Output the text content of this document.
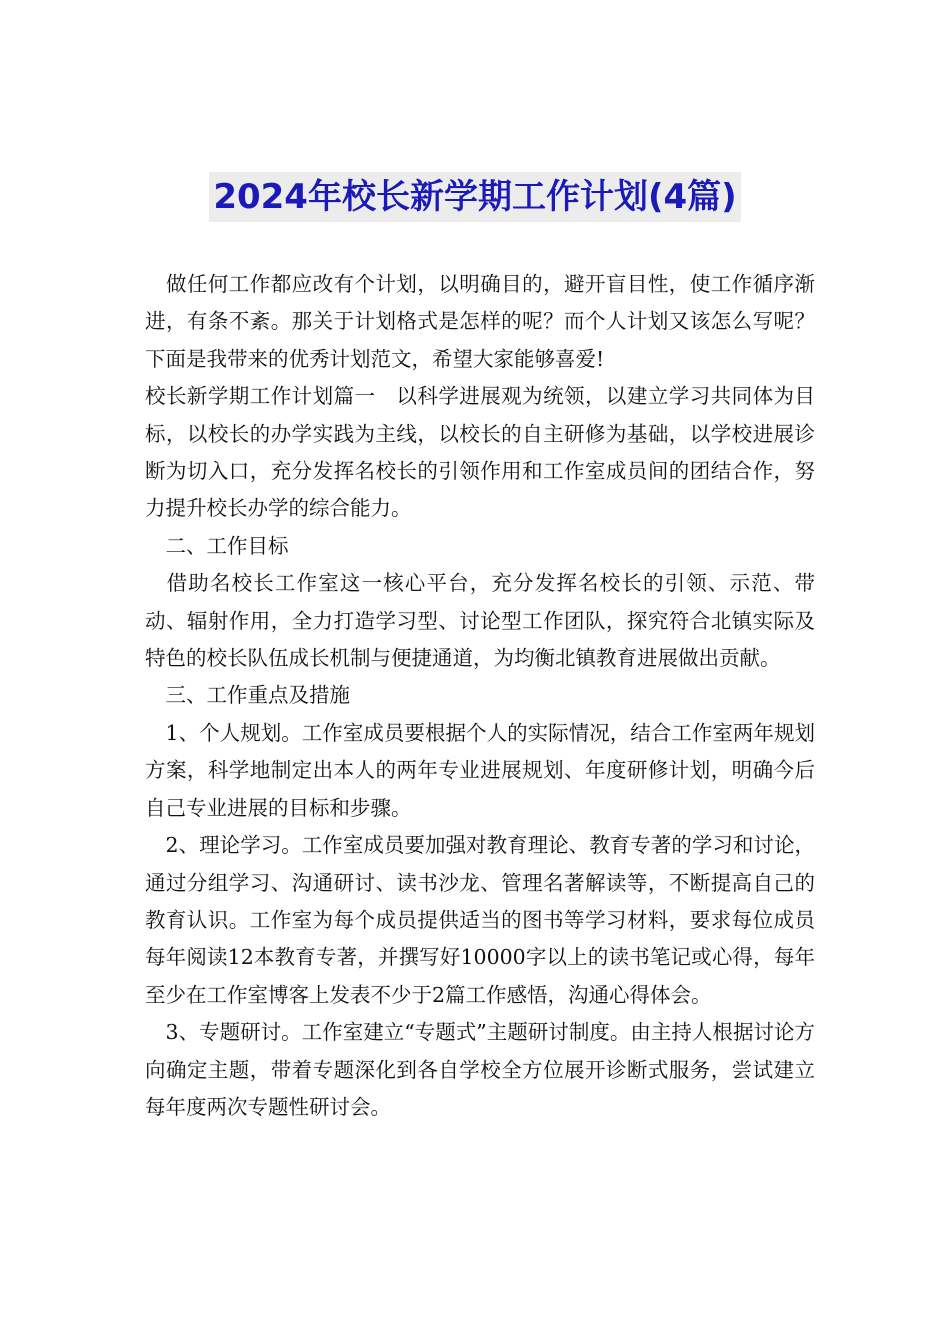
2024年校长新学期工作计划(4篇)

　做任何工作都应改有个计划，以明确目的，避开盲目性，使工作循序渐进，有条不紊。那关于计划格式是怎样的呢？而个人计划又该怎么写呢？下面是我带来的优秀计划范文，希望大家能够喜爱!

校长新学期工作计划篇一　以科学进展观为统领，以建立学习共同体为目标，以校长的办学实践为主线，以校长的自主研修为基础，以学校进展诊断为切入口，充分发挥名校长的引领作用和工作室成员间的团结合作，努力提升校长办学的综合能力。

　二、工作目标

　借助名校长工作室这一核心平台，充分发挥名校长的引领、示范、带动、辐射作用，全力打造学习型、讨论型工作团队，探究符合北镇实际及特色的校长队伍成长机制与便捷通道，为均衡北镇教育进展做出贡献。

　三、工作重点及措施

　1、个人规划。工作室成员要根据个人的实际情况，结合工作室两年规划方案，科学地制定出本人的两年专业进展规划、年度研修计划，明确今后自己专业进展的目标和步骤。

　2、理论学习。工作室成员要加强对教育理论、教育专著的学习和讨论，通过分组学习、沟通研讨、读书沙龙、管理名著解读等，不断提高自己的教育认识。工作室为每个成员提供适当的图书等学习材料，要求每位成员每年阅读12本教育专著，并撰写好10000字以上的读书笔记或心得，每年至少在工作室博客上发表不少于2篇工作感悟，沟通心得体会。

　3、专题研讨。工作室建立“专题式”主题研讨制度。由主持人根据讨论方向确定主题，带着专题深化到各自学校全方位展开诊断式服务，尝试建立每年度两次专题性研讨会。
